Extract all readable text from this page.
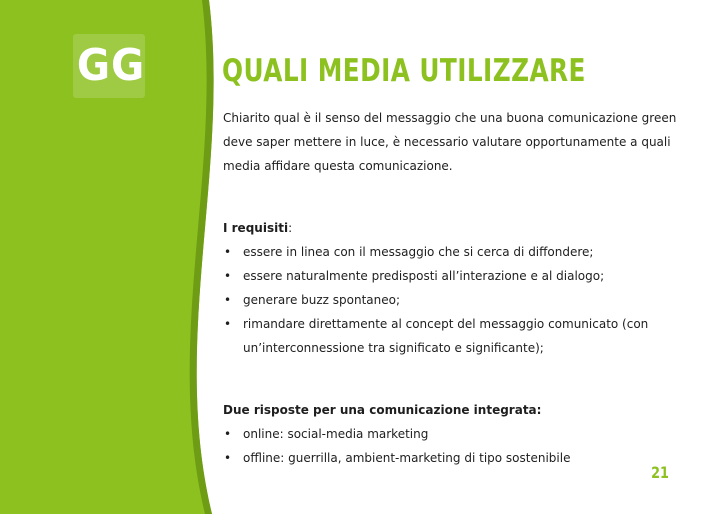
GG QUALI MEDIA UTILIZZARE

Chiarito qual è il senso del messaggio che una buona comunicazione green deve saper mettere in luce, è necessario valutare opportunamente a quali media affidare questa comunicazione.

I requisiti:

• essere in linea con il messaggio che si cerca di diffondere;
• essere naturalmente predisposti all’interazione e al dialogo;
• generare buzz spontaneo;
• rimandare direttamente al concept del messaggio comunicato (con un’interconnessione tra significato e significante);

Due risposte per una comunicazione integrata:

• online: social-media marketing
• offline: guerrilla, ambient-marketing di tipo sostenibile
21
